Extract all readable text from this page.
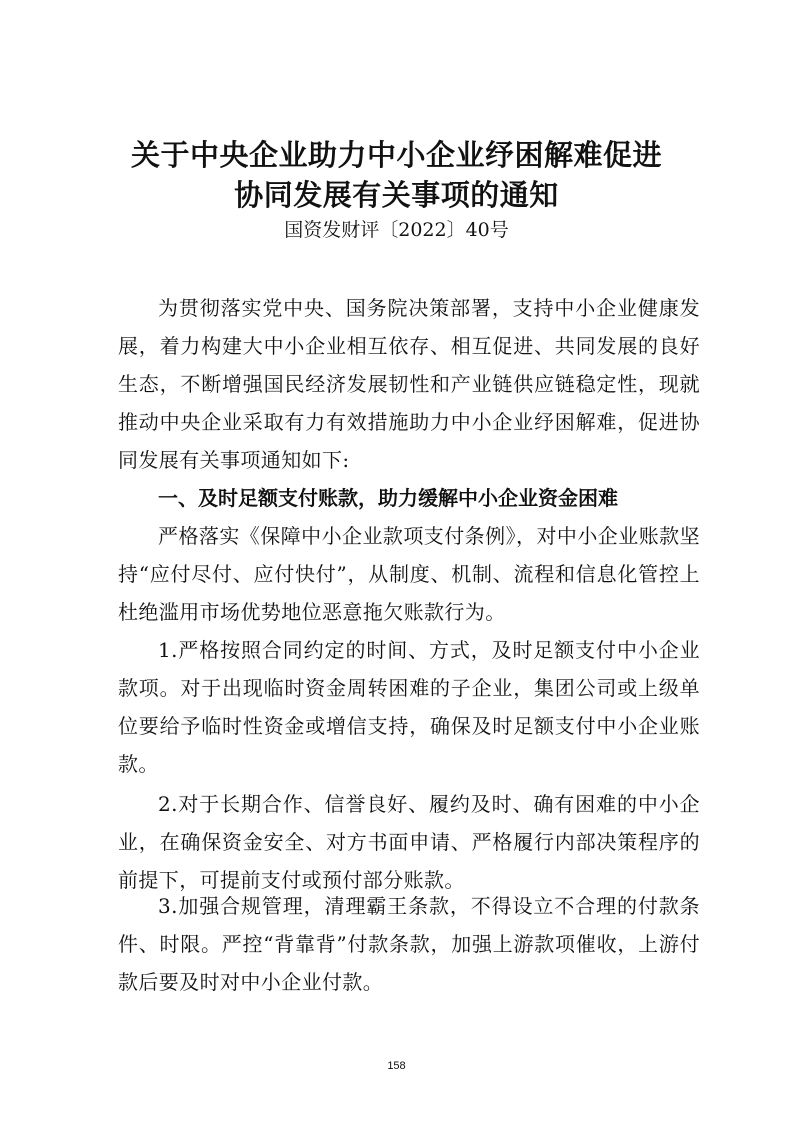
关于中央企业助力中小企业纾困解难促进
协同发展有关事项的通知

国资发财评〔2022〕40号

为贯彻落实党中央、国务院决策部署，支持中小企业健康发展，着力构建大中小企业相互依存、相互促进、共同发展的良好生态，不断增强国民经济发展韧性和产业链供应链稳定性，现就推动中央企业采取有力有效措施助力中小企业纾困解难，促进协同发展有关事项通知如下:

一、及时足额支付账款，助力缓解中小企业资金困难

严格落实《保障中小企业款项支付条例》，对中小企业账款坚持“应付尽付、应付快付”，从制度、机制、流程和信息化管控上杜绝滥用市场优势地位恶意拖欠账款行为。

1.严格按照合同约定的时间、方式，及时足额支付中小企业款项。对于出现临时资金周转困难的子企业，集团公司或上级单位要给予临时性资金或增信支持，确保及时足额支付中小企业账款。

2.对于长期合作、信誉良好、履约及时、确有困难的中小企业，在确保资金安全、对方书面申请、严格履行内部决策程序的前提下，可提前支付或预付部分账款。

3.加强合规管理，清理霸王条款，不得设立不合理的付款条件、时限。严控“背靠背”付款条款，加强上游款项催收，上游付款后要及时对中小企业付款。

158
